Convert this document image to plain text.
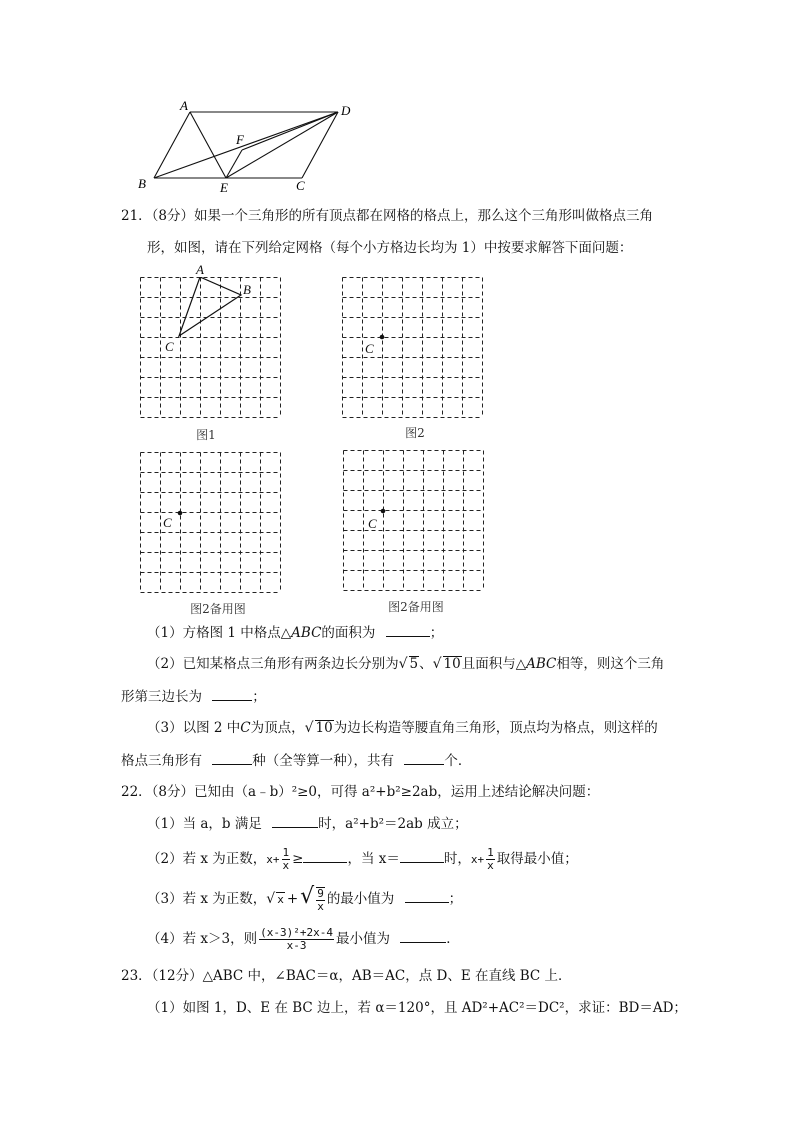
A	D
F
B	E	C
21．（8分）如果一个三角形的所有顶点都在网格的格点上，那么这个三角形叫做格点三角
形，如图，请在下列给定网格（每个小方格边长均为 1）中按要求解答下面问题：
A
B
C
图1
C
图2
C
图2备用图
C
图2备用图
（1）方格图 1 中格点△ABC的面积为	；
（2）已知某格点三角形有两条边长分别为√ 5、√ 10且面积与△ABC相等，则这个三角
形第三边长为	；
（3）以图 2 中C为顶点，√ 10为边长构造等腰直角三角形，顶点均为格点，则这样的
格点三角形有	种（全等算一种），共有	个．
22．（8分）已知由（a﹣b）²≥0，可得 a²+b²≥2ab，运用上述结论解决问题：
（1）当 a，b 满足	时，a²+b²＝2ab 成立；
（2）若 x 为正数，$x+ \frac{1}{x}$ ≥	，当 x＝	时，$x+ \frac{1}{x}$ 取得最小值；
（3）若 x 为正数，√ x +√ $\frac{9}{x}$ 的最小值为	；
（4）若 x＞3，则 $\frac{\text{(x-3)²+2x-4}}{x-3}$ 最小值为	．
23．（12分）△ABC 中，∠BAC＝α，AB＝AC，点 D、E 在直线 BC 上．
（1）如图 1，D、E 在 BC 边上，若 α＝120°，且 AD²+AC²＝DC²，求证：BD＝AD；
